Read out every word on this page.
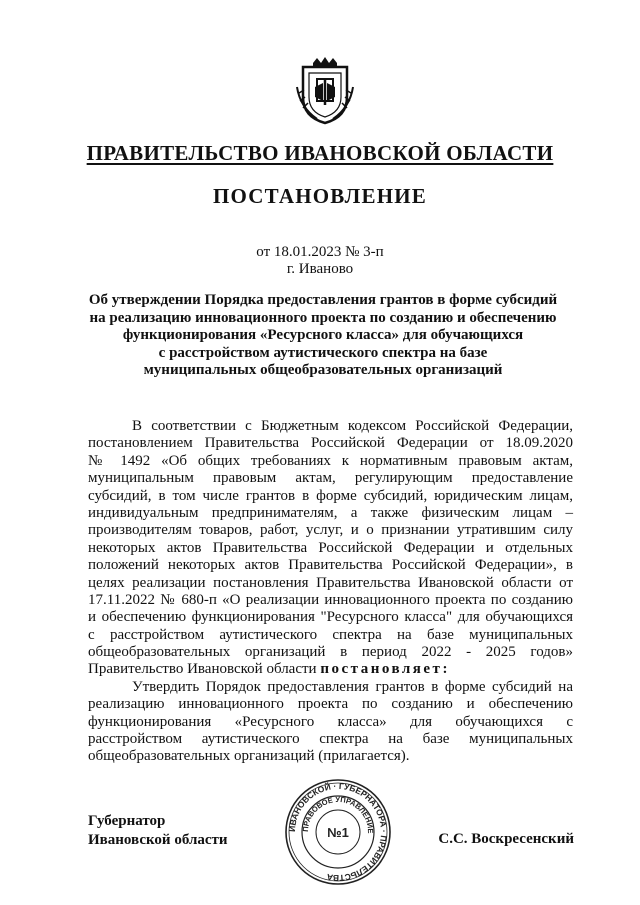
ПРАВИТЕЛЬСТВО ИВАНОВСКОЙ ОБЛАСТИ
ПОСТАНОВЛЕНИЕ
от 18.01.2023 № 3-п
г. Иваново
Об утверждении Порядка предоставления грантов в форме субсидий
на реализацию инновационного проекта по созданию и обеспечению
функционирования «Ресурсного класса» для обучающихся
с расстройством аутистического спектра на базе
муниципальных общеобразовательных организаций
В соответствии с Бюджетным кодексом Российской Федерации,
постановлением Правительства Российской Федерации от 18.09.2020
№ 1492 «Об общих требованиях к нормативным правовым актам,
муниципальным правовым актам, регулирующим предоставление
субсидий, в том числе грантов в форме субсидий, юридическим лицам,
индивидуальным предпринимателям, а также физическим лицам –
производителям товаров, работ, услуг, и о признании утратившим силу
некоторых актов Правительства Российской Федерации и отдельных
положений некоторых актов Правительства Российской Федерации», в
целях реализации постановления Правительства Ивановской области от
17.11.2022 № 680-п «О реализации инновационного проекта по созданию
и обеспечению функционирования "Ресурсного класса" для обучающихся
с расстройством аутистического спектра на базе муниципальных
общеобразовательных организаций в период 2022 - 2025 годов»
Правительство Ивановской области постановляет:
Утвердить Порядок предоставления грантов в форме субсидий на
реализацию инновационного проекта по созданию и обеспечению
функционирования «Ресурсного класса» для обучающихся с
расстройством аутистического спектра на базе муниципальных
общеобразовательных организаций (прилагается).
Губернатор
Ивановской области
ИВАНОВСКОЙ · ГУБЕРНАТОРА · ПРАВИТЕЛЬСТВА
ПРАВОВОЕ УПРАВЛЕНИЕ
№1	С.С. Воскресенский
